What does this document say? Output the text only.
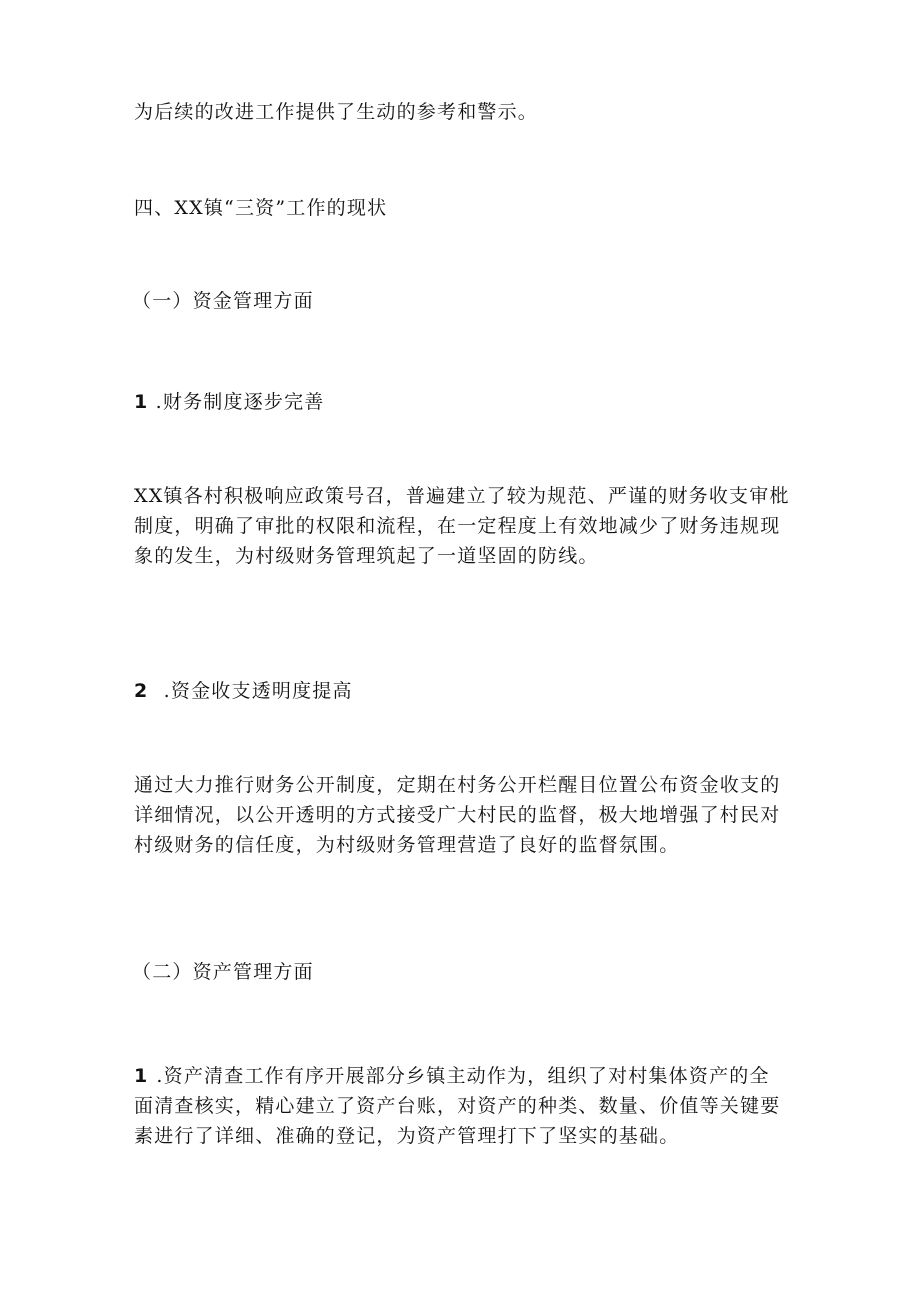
为后续的改进工作提供了生动的参考和警示。
四、XX镇“三资”工作的现状
（一）资金管理方面
1 .财务制度逐步完善
XX镇各村积极响应政策号召，普遍建立了较为规范、严谨的财务收支审枇
制度，明确了审批的权限和流程，在一定程度上有效地减少了财务违规现
象的发生，为村级财务管理筑起了一道坚固的防线。
2 .资金收支透明度提高
通过大力推行财务公开制度，定期在村务公开栏醒目位置公布资金收支的
详细情况，以公开透明的方式接受广大村民的监督，极大地增强了村民对
村级财务的信任度，为村级财务管理营造了良好的监督氛围。
（二）资产管理方面
1 .资产清查工作有序开展部分乡镇主动作为，组织了对村集体资产的全
面清查核实，精心建立了资产台账，对资产的种类、数量、价值等关键要
素进行了详细、准确的登记，为资产管理打下了坚实的基础。
